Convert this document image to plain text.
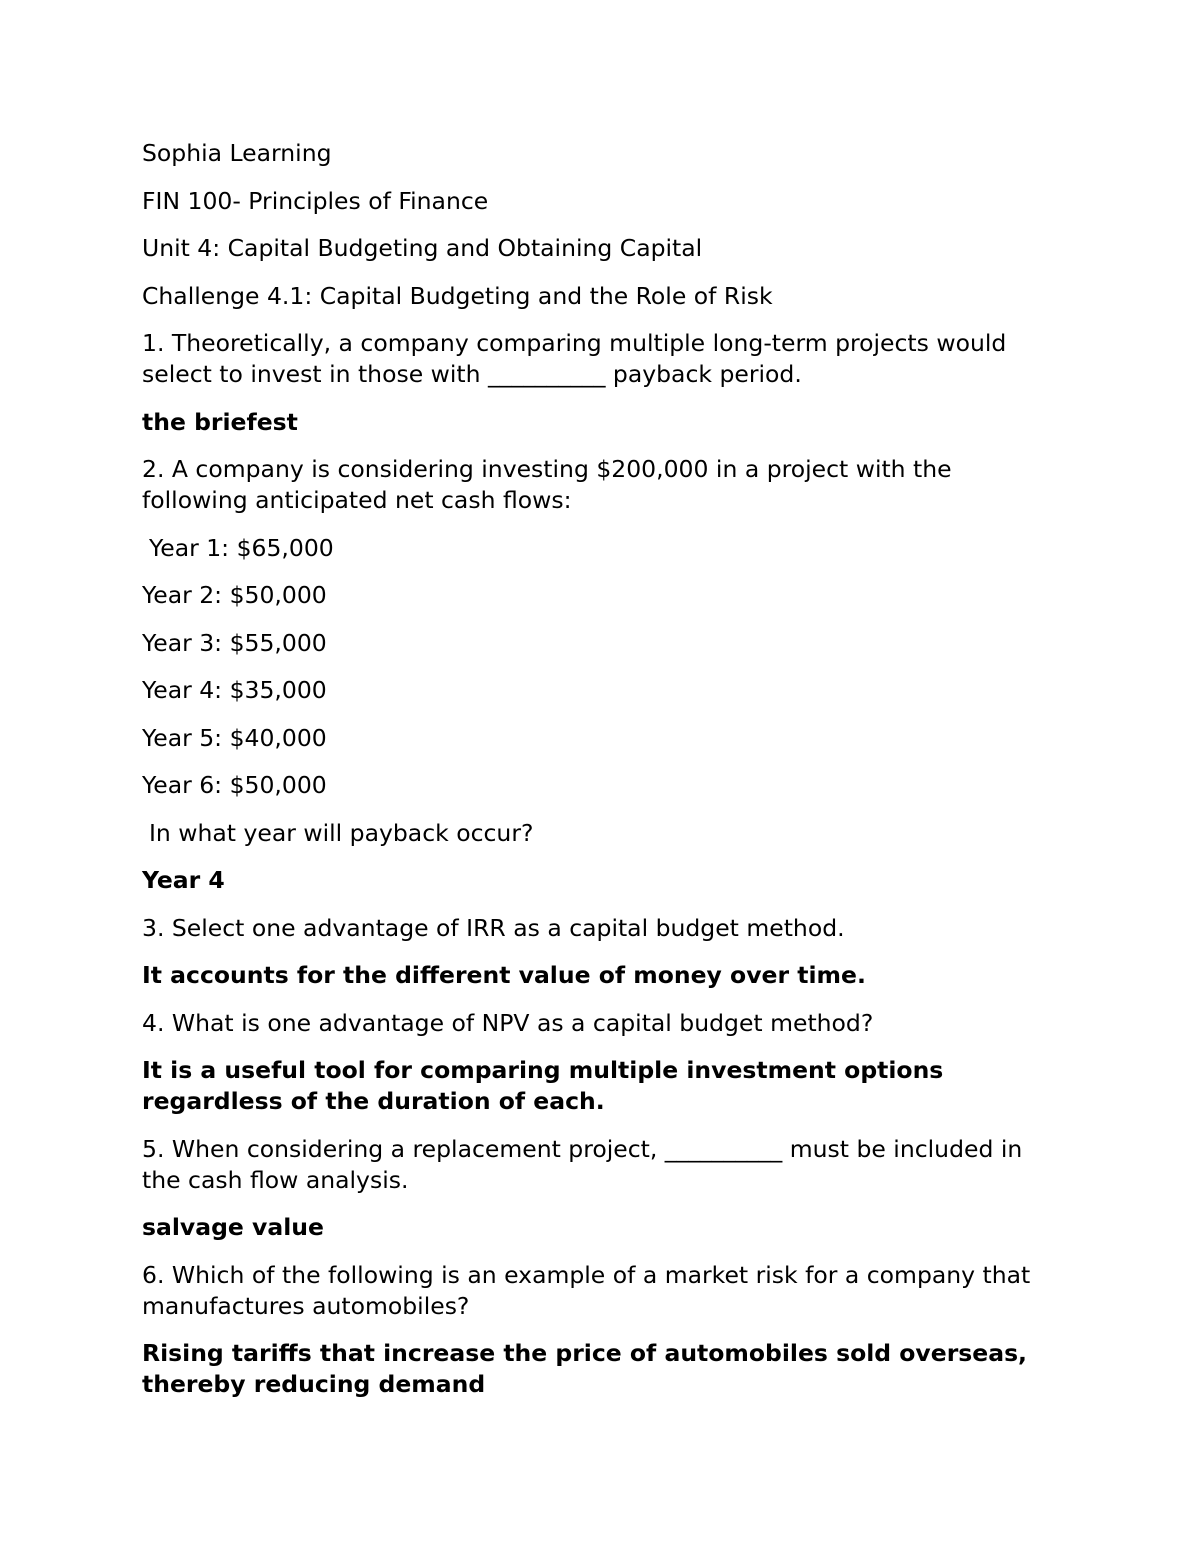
Sophia Learning

FIN 100- Principles of Finance

Unit 4: Capital Budgeting and Obtaining Capital

Challenge 4.1: Capital Budgeting and the Role of Risk

1. Theoretically, a company comparing multiple long-term projects would select to invest in those with __________ payback period.

the briefest

2. A company is considering investing $200,000 in a project with the following anticipated net cash flows:

Year 1: $65,000

Year 2: $50,000

Year 3: $55,000

Year 4: $35,000

Year 5: $40,000

Year 6: $50,000

In what year will payback occur?

Year 4

3. Select one advantage of IRR as a capital budget method.

It accounts for the different value of money over time.

4. What is one advantage of NPV as a capital budget method?

It is a useful tool for comparing multiple investment options regardless of the duration of each.

5. When considering a replacement project, __________ must be included in the cash flow analysis.

salvage value

6. Which of the following is an example of a market risk for a company that manufactures automobiles?

Rising tariffs that increase the price of automobiles sold overseas, thereby reducing demand
